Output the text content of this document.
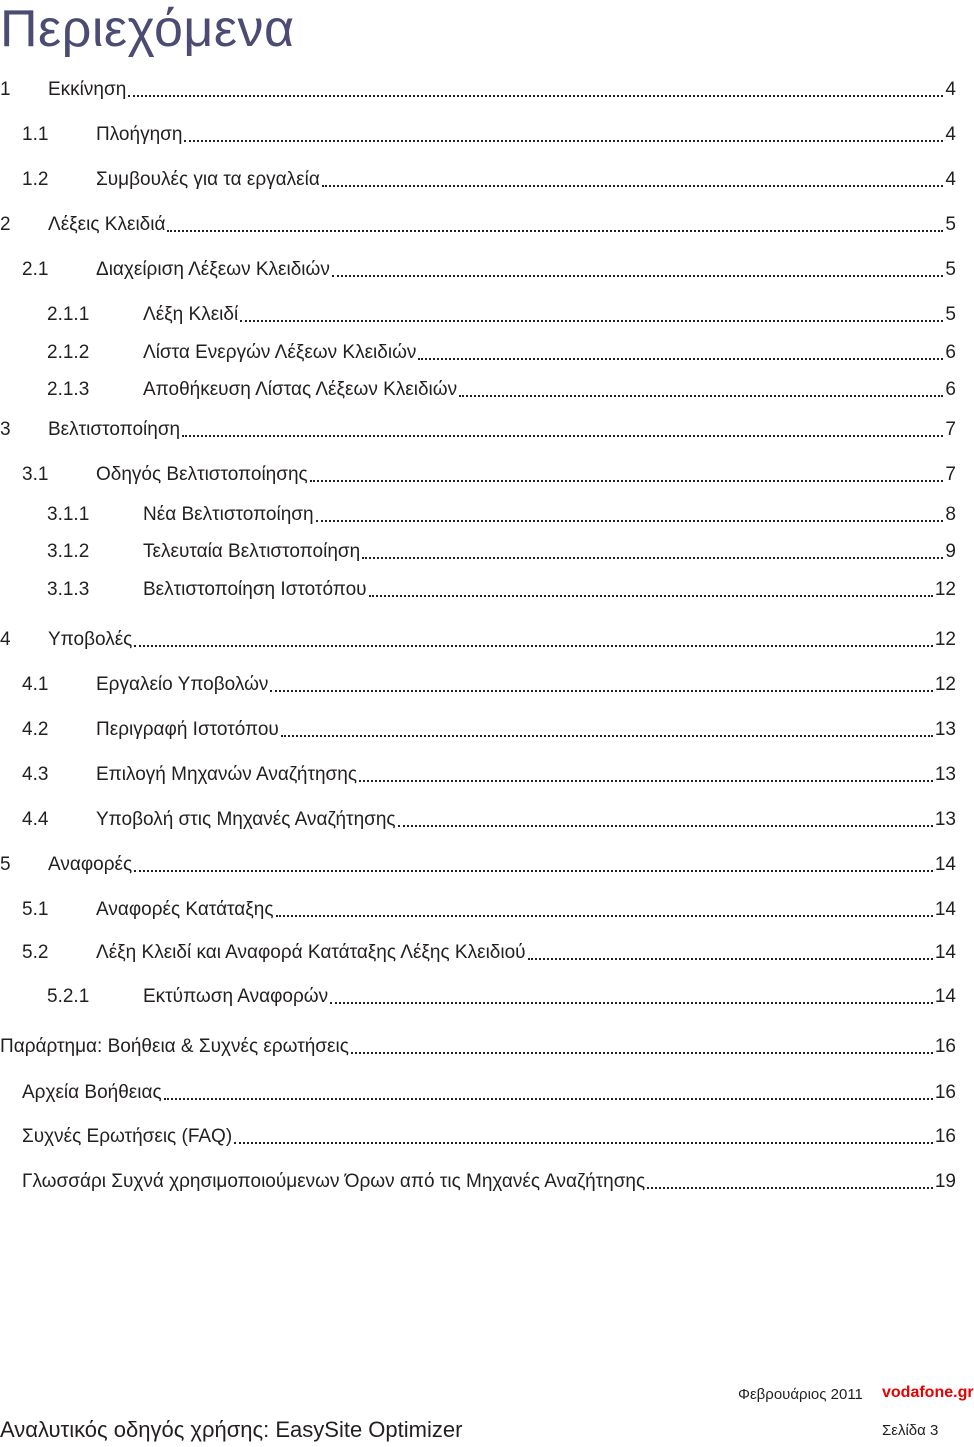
Περιεχόμενα
1	Εκκίνηση	4
1.1	Πλοήγηση	4
1.2	Συμβουλές για τα εργαλεία	4
2	Λέξεις Κλειδιά	5
2.1	Διαχείριση Λέξεων Κλειδιών	5
2.1.1	Λέξη Κλειδί	5
2.1.2	Λίστα Ενεργών Λέξεων Κλειδιών	6
2.1.3	Αποθήκευση Λίστας Λέξεων Κλειδιών	6
3	Βελτιστοποίηση	7
3.1	Οδηγός Βελτιστοποίησης	7
3.1.1	Νέα Βελτιστοποίηση	8
3.1.2	Τελευταία Βελτιστοποίηση	9
3.1.3	Βελτιστοποίηση Ιστοτόπου	12
4	Υποβολές	12
4.1	Εργαλείο Υποβολών	12
4.2	Περιγραφή Ιστοτόπου	13
4.3	Επιλογή Μηχανών Αναζήτησης	13
4.4	Υποβολή στις Μηχανές Αναζήτησης	13
5	Αναφορές	14
5.1	Αναφορές Κατάταξης	14
5.2	Λέξη Κλειδί και Αναφορά Κατάταξης Λέξης Κλειδιού	14
5.2.1	Εκτύπωση Αναφορών	14
Παράρτημα: Βοήθεια & Συχνές ερωτήσεις	16
Αρχεία Βοήθειας	16
Συχνές Ερωτήσεις (FAQ)	16
Γλωσσάρι Συχνά χρησιμοποιούμενων Όρων από τις Μηχανές Αναζήτησης	19
Φεβρουάριος 2011 vodafone.gr
Αναλυτικός οδηγός χρήσης: EasySite Optimizer	Σελίδα 3
